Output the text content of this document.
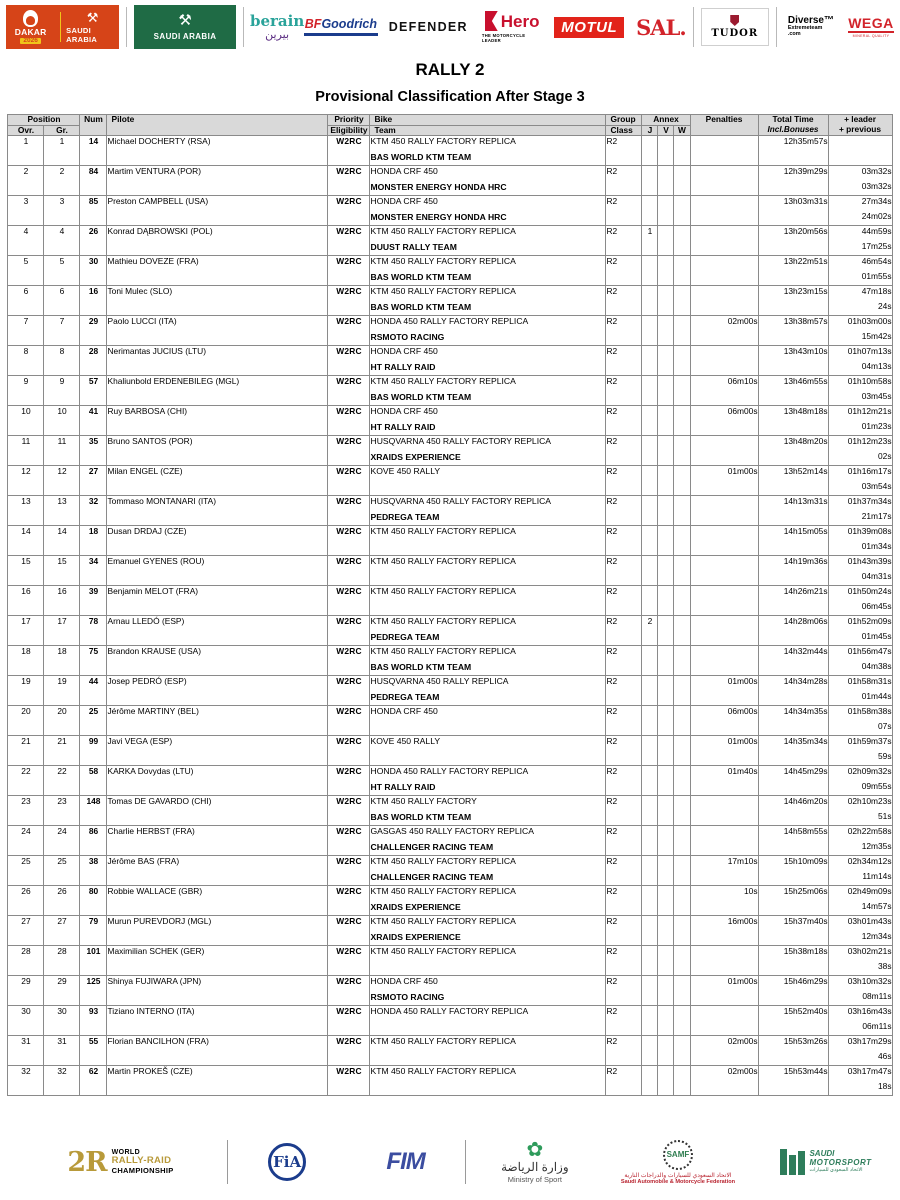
DAKAR
2026
⚒
SAUDI ARABIA
⚒
SAUDI ARABIA
berain
بيرين
BFGoodrich DEFENDER Hero
THE MOTORCYCLE LEADER
MOTUL SAL.	TUDOR
Diverse™
Extremeteam
.com
WEGA
MINERAL QUALITY
RALLY 2
Provisional Classification After Stage 3
Position		Num	Pilote	Priority	Bike	Group	Annex			Penalties	Total Time
Incl.Bonuses	+ leader
+ previous

Ovr.	Gr.			Eligibility	Team	Class	J	V	W			
1	1	14	Michael DOCHERTY (RSA)	W2RC	KTM 450 RALLY FACTORY REPLICA
BAS WORLD KTM TEAM	R2					12h35m57s	

2	2	84	Martim VENTURA (POR)	W2RC	HONDA CRF 450
MONSTER ENERGY HONDA HRC	R2					12h39m29s	03m32s
03m32s

3	3	85	Preston CAMPBELL (USA)	W2RC	HONDA CRF 450
MONSTER ENERGY HONDA HRC	R2					13h03m31s	27m34s
24m02s

4	4	26	Konrad DĄBROWSKI (POL)	W2RC	KTM 450 RALLY FACTORY REPLICA
DUUST RALLY TEAM	R2	1				13h20m56s	44m59s
17m25s

5	5	30	Mathieu DOVEZE (FRA)	W2RC	KTM 450 RALLY FACTORY REPLICA
BAS WORLD KTM TEAM	R2					13h22m51s	46m54s
01m55s

6	6	16	Toni Mulec (SLO)	W2RC	KTM 450 RALLY FACTORY REPLICA
BAS WORLD KTM TEAM	R2					13h23m15s	47m18s
24s

7	7	29	Paolo LUCCI (ITA)	W2RC	HONDA 450 RALLY FACTORY REPLICA
RSMOTO RACING	R2				02m00s	13h38m57s	01h03m00s
15m42s

8	8	28	Nerimantas JUCIUS (LTU)	W2RC	HONDA CRF 450
HT RALLY RAID	R2					13h43m10s	01h07m13s
04m13s

9	9	57	Khaliunbold ERDENEBILEG (MGL)	W2RC	KTM 450 RALLY FACTORY REPLICA
BAS WORLD KTM TEAM	R2				06m10s	13h46m55s	01h10m58s
03m45s

10	10	41	Ruy BARBOSA (CHI)	W2RC	HONDA CRF 450
HT RALLY RAID	R2				06m00s	13h48m18s	01h12m21s
01m23s

11	11	35	Bruno SANTOS (POR)	W2RC	HUSQVARNA 450 RALLY FACTORY REPLICA
XRAIDS EXPERIENCE	R2					13h48m20s	01h12m23s
02s

12	12	27	Milan ENGEL (CZE)	W2RC	KOVE 450 RALLY	R2				01m00s	13h52m14s	01h16m17s
03m54s

13	13	32	Tommaso MONTANARI (ITA)	W2RC	HUSQVARNA 450 RALLY FACTORY REPLICA
PEDREGA TEAM	R2					14h13m31s	01h37m34s
21m17s

14	14	18	Dusan DRDAJ (CZE)	W2RC	KTM 450 RALLY FACTORY REPLICA	R2					14h15m05s	01h39m08s
01m34s

15	15	34	Emanuel GYENES (ROU)	W2RC	KTM 450 RALLY FACTORY REPLICA	R2					14h19m36s	01h43m39s
04m31s

16	16	39	Benjamin MELOT (FRA)	W2RC	KTM 450 RALLY FACTORY REPLICA	R2					14h26m21s	01h50m24s
06m45s

17	17	78	Arnau LLEDÓ (ESP)	W2RC	KTM 450 RALLY FACTORY REPLICA
PEDREGA TEAM	R2	2				14h28m06s	01h52m09s
01m45s

18	18	75	Brandon KRAUSE (USA)	W2RC	KTM 450 RALLY FACTORY REPLICA
BAS WORLD KTM TEAM	R2					14h32m44s	01h56m47s
04m38s

19	19	44	Josep PEDRÓ (ESP)	W2RC	HUSQVARNA 450 RALLY REPLICA
PEDREGA TEAM	R2				01m00s	14h34m28s	01h58m31s
01m44s

20	20	25	Jérôme MARTINY (BEL)	W2RC	HONDA CRF 450	R2				06m00s	14h34m35s	01h58m38s
07s

21	21	99	Javi VEGA (ESP)	W2RC	KOVE 450 RALLY	R2				01m00s	14h35m34s	01h59m37s
59s

22	22	58	KARKA Dovydas (LTU)	W2RC	HONDA 450 RALLY FACTORY REPLICA
HT RALLY RAID	R2				01m40s	14h45m29s	02h09m32s
09m55s

23	23	148	Tomas DE GAVARDO (CHI)	W2RC	KTM 450 RALLY FACTORY
BAS WORLD KTM TEAM	R2					14h46m20s	02h10m23s
51s

24	24	86	Charlie HERBST (FRA)	W2RC	GASGAS 450 RALLY FACTORY REPLICA
CHALLENGER RACING TEAM	R2					14h58m55s	02h22m58s
12m35s

25	25	38	Jérôme BAS (FRA)	W2RC	KTM 450 RALLY FACTORY REPLICA
CHALLENGER RACING TEAM	R2				17m10s	15h10m09s	02h34m12s
11m14s

26	26	80	Robbie WALLACE (GBR)	W2RC	KTM 450 RALLY FACTORY REPLICA
XRAIDS EXPERIENCE	R2				10s	15h25m06s	02h49m09s
14m57s

27	27	79	Murun PUREVDORJ (MGL)	W2RC	KTM 450 RALLY FACTORY REPLICA
XRAIDS EXPERIENCE	R2				16m00s	15h37m40s	03h01m43s
12m34s

28	28	101	Maximilian SCHEK (GER)	W2RC	KTM 450 RALLY FACTORY REPLICA	R2					15h38m18s	03h02m21s
38s

29	29	125	Shinya FUJIWARA (JPN)	W2RC	HONDA CRF 450
RSMOTO RACING	R2				01m00s	15h46m29s	03h10m32s
08m11s

30	30	93	Tiziano INTERNO (ITA)	W2RC	HONDA 450 RALLY FACTORY REPLICA	R2					15h52m40s	03h16m43s
06m11s

31	31	55	Florian BANCILHON (FRA)	W2RC	KTM 450 RALLY FACTORY REPLICA	R2				02m00s	15h53m26s	03h17m29s
46s

32	32	62	Martin PROKEŠ (CZE)	W2RC	KTM 450 RALLY FACTORY REPLICA	R2				02m00s	15h53m44s	03h17m47s
18s
2R WORLD
RALLY-RAID
CHAMPIONSHIP	FiA	FIM	✿
وزارة الرياضة
Ministry of Sport
SAMF
الاتحاد السعودي للسيارات والدراجات النارية
Saudi Automobile & Motorcycle Federation
SAUDI
MOTORSPORT
الاتحاد السعودي للسيارات
